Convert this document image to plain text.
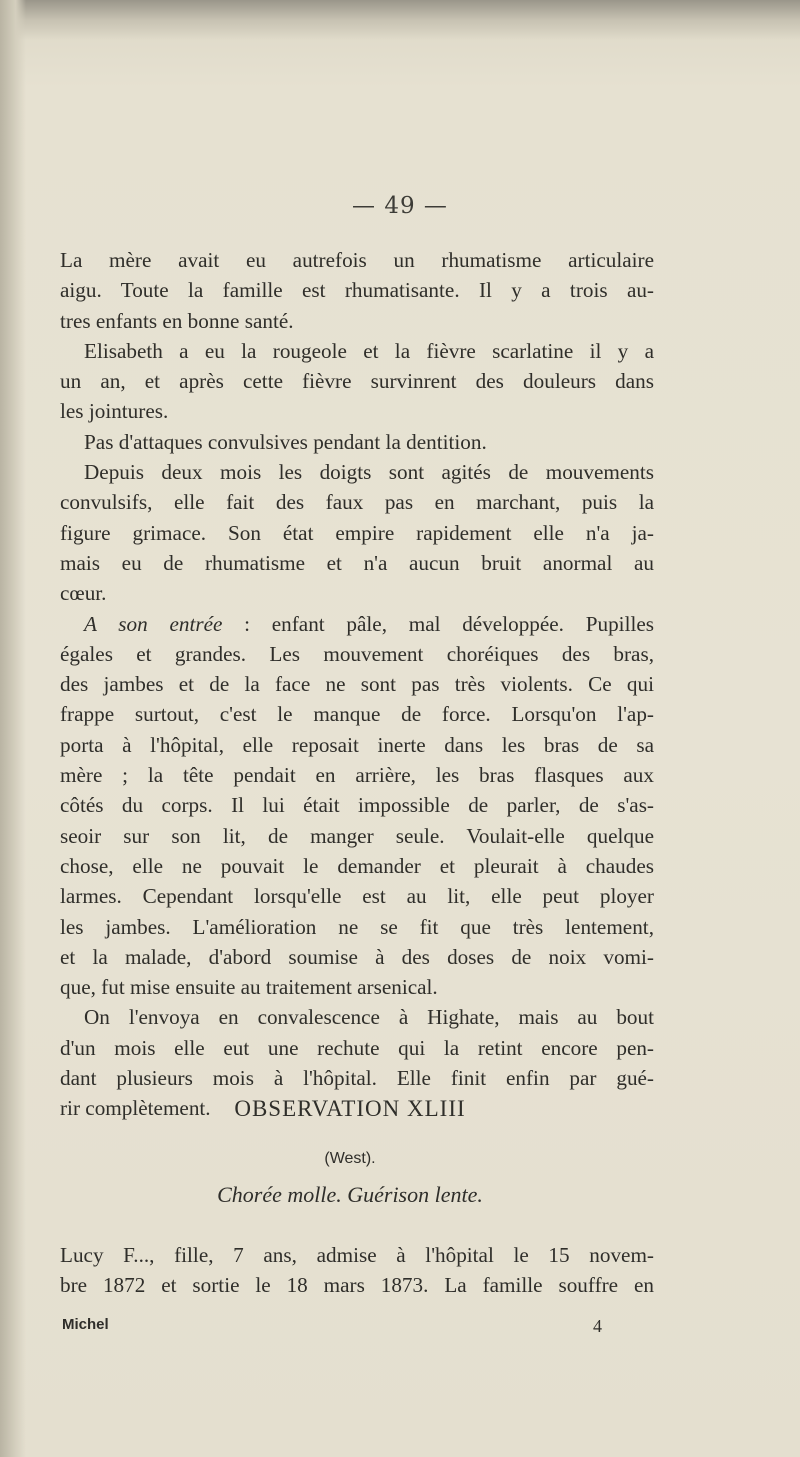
— 49 —
La mère avait eu autrefois un rhumatisme articulaire
aigu. Toute la famille est rhumatisante. Il y a trois au-
tres enfants en bonne santé.
Elisabeth a eu la rougeole et la fièvre scarlatine il y a
un an, et après cette fièvre survinrent des douleurs dans
les jointures.
Pas d'attaques convulsives pendant la dentition.
Depuis deux mois les doigts sont agités de mouvements
convulsifs, elle fait des faux pas en marchant, puis la
figure grimace. Son état empire rapidement elle n'a ja-
mais eu de rhumatisme et n'a aucun bruit anormal au
cœur.
A son entrée : enfant pâle, mal développée. Pupilles
égales et grandes. Les mouvement choréiques des bras,
des jambes et de la face ne sont pas très violents. Ce qui
frappe surtout, c'est le manque de force. Lorsqu'on l'ap-
porta à l'hôpital, elle reposait inerte dans les bras de sa
mère ; la tête pendait en arrière, les bras flasques aux
côtés du corps. Il lui était impossible de parler, de s'as-
seoir sur son lit, de manger seule. Voulait-elle quelque
chose, elle ne pouvait le demander et pleurait à chaudes
larmes. Cependant lorsqu'elle est au lit, elle peut ployer
les jambes. L'amélioration ne se fit que très lentement,
et la malade, d'abord soumise à des doses de noix vomi-
que, fut mise ensuite au traitement arsenical.
On l'envoya en convalescence à Highate, mais au bout
d'un mois elle eut une rechute qui la retint encore pen-
dant plusieurs mois à l'hôpital. Elle finit enfin par gué-
rir complètement.	OBSERVATION XLIII
(West).
Chorée molle. Guérison lente.
Lucy F..., fille, 7 ans, admise à l'hôpital le 15 novem-
bre 1872 et sortie le 18 mars 1873. La famille souffre en
Michel	4
